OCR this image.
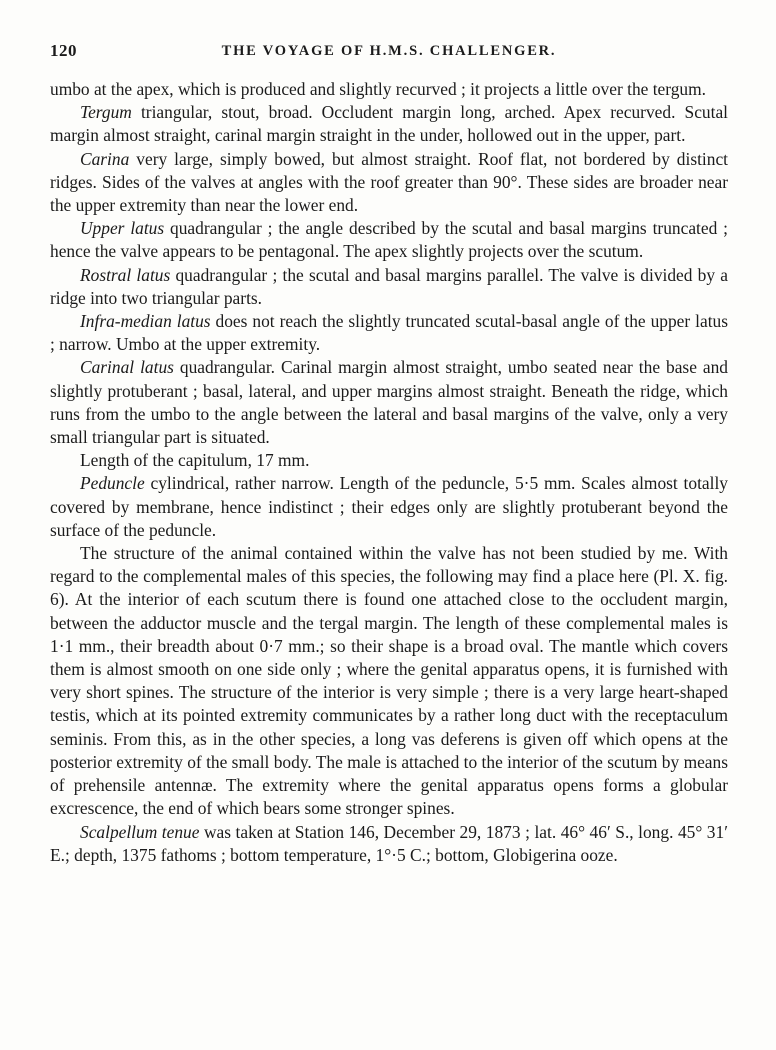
120	THE VOYAGE OF H.M.S. CHALLENGER.

umbo at the apex, which is produced and slightly recurved ; it projects a little over the tergum.

Tergum triangular, stout, broad. Occludent margin long, arched. Apex recurved. Scutal margin almost straight, carinal margin straight in the under, hollowed out in the upper, part.

Carina very large, simply bowed, but almost straight. Roof flat, not bordered by distinct ridges. Sides of the valves at angles with the roof greater than 90°. These sides are broader near the upper extremity than near the lower end.

Upper latus quadrangular ; the angle described by the scutal and basal margins truncated ; hence the valve appears to be pentagonal. The apex slightly projects over the scutum.

Rostral latus quadrangular ; the scutal and basal margins parallel. The valve is divided by a ridge into two triangular parts.

Infra-median latus does not reach the slightly truncated scutal-basal angle of the upper latus ; narrow. Umbo at the upper extremity.

Carinal latus quadrangular. Carinal margin almost straight, umbo seated near the base and slightly protuberant ; basal, lateral, and upper margins almost straight. Beneath the ridge, which runs from the umbo to the angle between the lateral and basal margins of the valve, only a very small triangular part is situated.

Length of the capitulum, 17 mm.

Peduncle cylindrical, rather narrow. Length of the peduncle, 5·5 mm. Scales almost totally covered by membrane, hence indistinct ; their edges only are slightly protuberant beyond the surface of the peduncle.

The structure of the animal contained within the valve has not been studied by me. With regard to the complemental males of this species, the following may find a place here (Pl. X. fig. 6). At the interior of each scutum there is found one attached close to the occludent margin, between the adductor muscle and the tergal margin. The length of these complemental males is 1·1 mm., their breadth about 0·7 mm.; so their shape is a broad oval. The mantle which covers them is almost smooth on one side only ; where the genital apparatus opens, it is furnished with very short spines. The structure of the interior is very simple ; there is a very large heart-shaped testis, which at its pointed extremity communicates by a rather long duct with the receptaculum seminis. From this, as in the other species, a long vas deferens is given off which opens at the posterior extremity of the small body. The male is attached to the interior of the scutum by means of prehensile antennæ. The extremity where the genital apparatus opens forms a globular excrescence, the end of which bears some stronger spines.

Scalpellum tenue was taken at Station 146, December 29, 1873 ; lat. 46° 46′ S., long. 45° 31′ E.; depth, 1375 fathoms ; bottom temperature, 1°·5 C.; bottom, Globigerina ooze.
